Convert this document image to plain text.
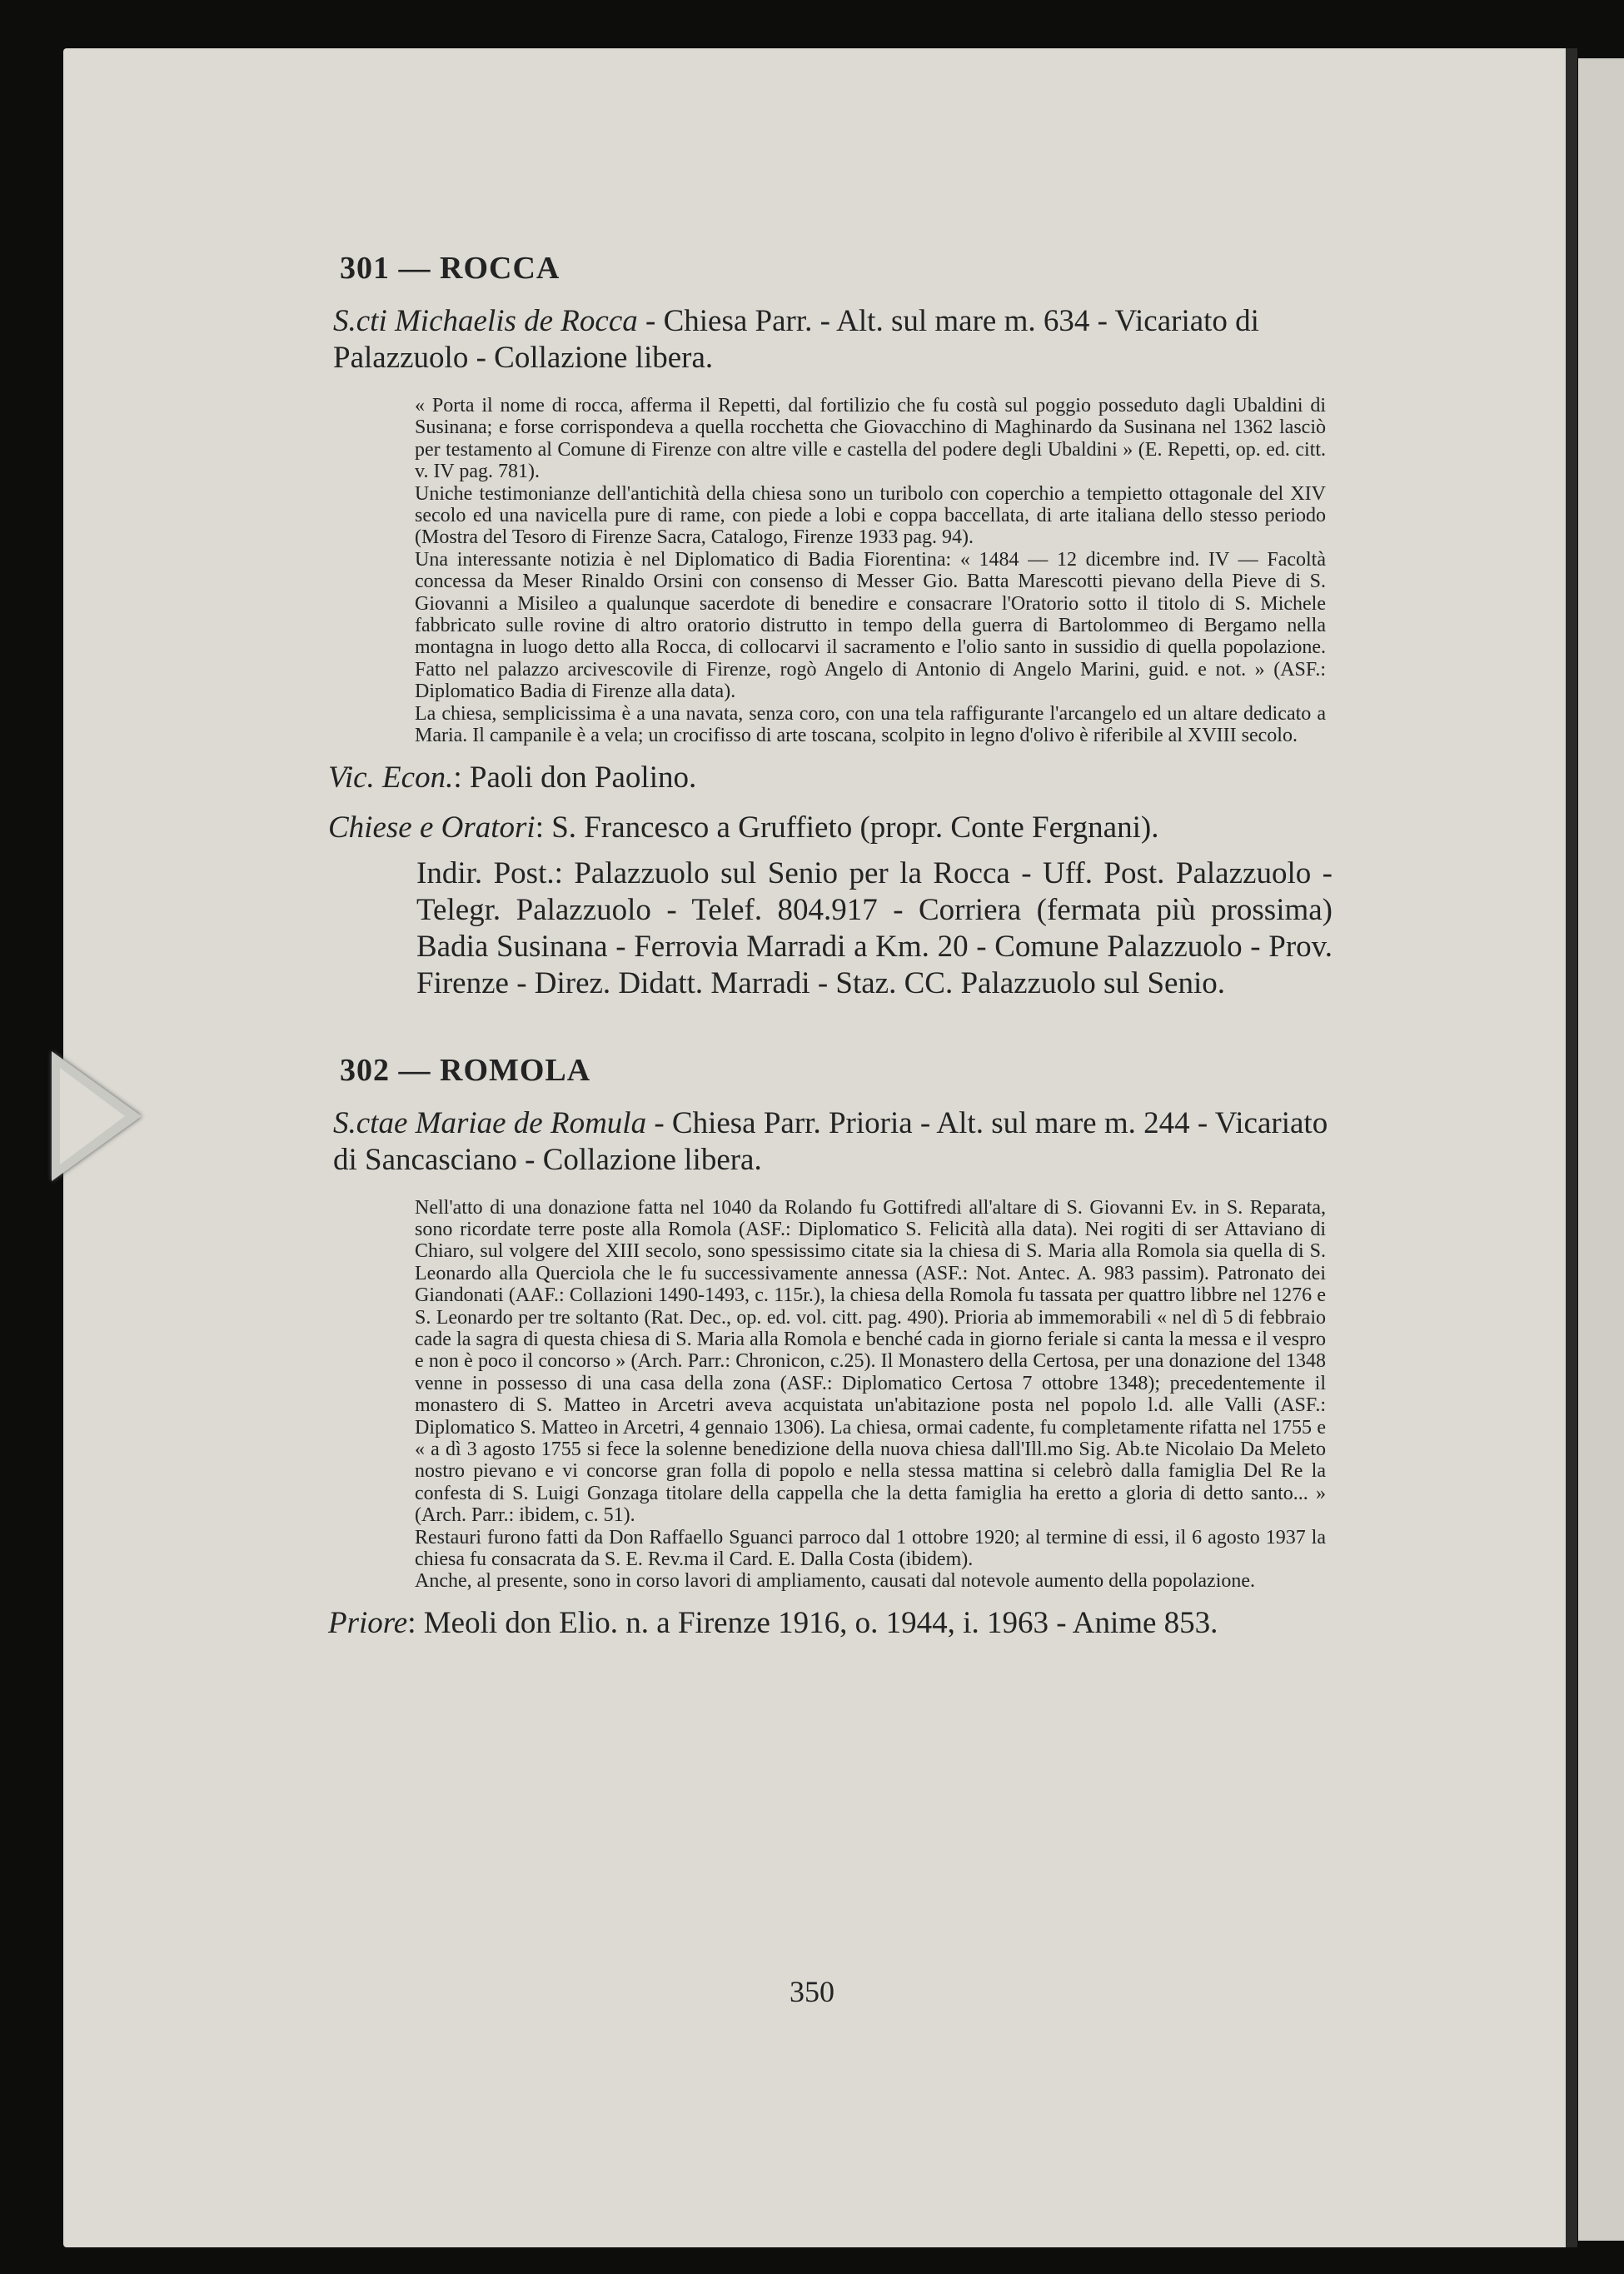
301 — ROCCA
S.cti Michaelis de Rocca - Chiesa Parr. - Alt. sul mare m. 634 - Vicariato di Palazzuolo - Collazione libera.

« Porta il nome di rocca, afferma il Repetti, dal fortilizio che fu costà sul poggio posseduto dagli Ubaldini di Susinana; e forse corrispondeva a quella rocchetta che Giovacchino di Maghinardo da Susinana nel 1362 lasciò per testamento al Comune di Firenze con altre ville e castella del podere degli Ubaldini » (E. Repetti, op. ed. citt. v. IV pag. 781).

Uniche testimonianze dell'antichità della chiesa sono un turibolo con coperchio a tempietto ottagonale del XIV secolo ed una navicella pure di rame, con piede a lobi e coppa baccellata, di arte italiana dello stesso periodo (Mostra del Tesoro di Firenze Sacra, Catalogo, Firenze 1933 pag. 94).

Una interessante notizia è nel Diplomatico di Badia Fiorentina: « 1484 — 12 dicembre ind. IV — Facoltà concessa da Meser Rinaldo Orsini con consenso di Messer Gio. Batta Marescotti pievano della Pieve di S. Giovanni a Misileo a qualunque sacerdote di benedire e consacrare l'Oratorio sotto il titolo di S. Michele fabbricato sulle rovine di altro oratorio distrutto in tempo della guerra di Bartolommeo di Bergamo nella montagna in luogo detto alla Rocca, di collocarvi il sacramento e l'olio santo in sussidio di quella popolazione. Fatto nel palazzo arcivescovile di Firenze, rogò Angelo di Antonio di Angelo Marini, guid. e not. » (ASF.: Diplomatico Badia di Firenze alla data).

La chiesa, semplicissima è a una navata, senza coro, con una tela raffigurante l'arcangelo ed un altare dedicato a Maria. Il campanile è a vela; un crocifisso di arte toscana, scolpito in legno d'olivo è riferibile al XVIII secolo.

Vic. Econ.: Paoli don Paolino.
Chiese e Oratori: S. Francesco a Gruffieto (propr. Conte Fergnani).
Indir. Post.: Palazzuolo sul Senio per la Rocca - Uff. Post. Palazzuolo - Telegr. Palazzuolo - Telef. 804.917 - Corriera (fermata più prossima) Badia Susinana - Ferrovia Marradi a Km. 20 - Comune Palazzuolo - Prov. Firenze - Direz. Didatt. Marradi - Staz. CC. Palazzuolo sul Senio.
302 — ROMOLA
S.ctae Mariae de Romula - Chiesa Parr. Prioria - Alt. sul mare m. 244 - Vicariato di Sancasciano - Collazione libera.

Nell'atto di una donazione fatta nel 1040 da Rolando fu Gottifredi all'altare di S. Giovanni Ev. in S. Reparata, sono ricordate terre poste alla Romola (ASF.: Diplomatico S. Felicità alla data). Nei rogiti di ser Attaviano di Chiaro, sul volgere del XIII secolo, sono spessissimo citate sia la chiesa di S. Maria alla Romola sia quella di S. Leonardo alla Querciola che le fu successivamente annessa (ASF.: Not. Antec. A. 983 passim). Patronato dei Giandonati (AAF.: Collazioni 1490-1493, c. 115r.), la chiesa della Romola fu tassata per quattro libbre nel 1276 e S. Leonardo per tre soltanto (Rat. Dec., op. ed. vol. citt. pag. 490). Prioria ab immemorabili « nel dì 5 di febbraio cade la sagra di questa chiesa di S. Maria alla Romola e benché cada in giorno feriale si canta la messa e il vespro e non è poco il concorso » (Arch. Parr.: Chronicon, c.25). Il Monastero della Certosa, per una donazione del 1348 venne in possesso di una casa della zona (ASF.: Diplomatico Certosa 7 ottobre 1348); precedentemente il monastero di S. Matteo in Arcetri aveva acquistata un'abitazione posta nel popolo l.d. alle Valli (ASF.: Diplomatico S. Matteo in Arcetri, 4 gennaio 1306). La chiesa, ormai cadente, fu completamente rifatta nel 1755 e « a dì 3 agosto 1755 si fece la solenne benedizione della nuova chiesa dall'Ill.mo Sig. Ab.te Nicolaio Da Meleto nostro pievano e vi concorse gran folla di popolo e nella stessa mattina si celebrò dalla famiglia Del Re la confesta di S. Luigi Gonzaga titolare della cappella che la detta famiglia ha eretto a gloria di detto santo... » (Arch. Parr.: ibidem, c. 51).

Restauri furono fatti da Don Raffaello Sguanci parroco dal 1 ottobre 1920; al termine di essi, il 6 agosto 1937 la chiesa fu consacrata da S. E. Rev.ma il Card. E. Dalla Costa (ibidem).

Anche, al presente, sono in corso lavori di ampliamento, causati dal notevole aumento della popolazione.

Priore: Meoli don Elio. n. a Firenze 1916, o. 1944, i. 1963 - Anime 853.
350
